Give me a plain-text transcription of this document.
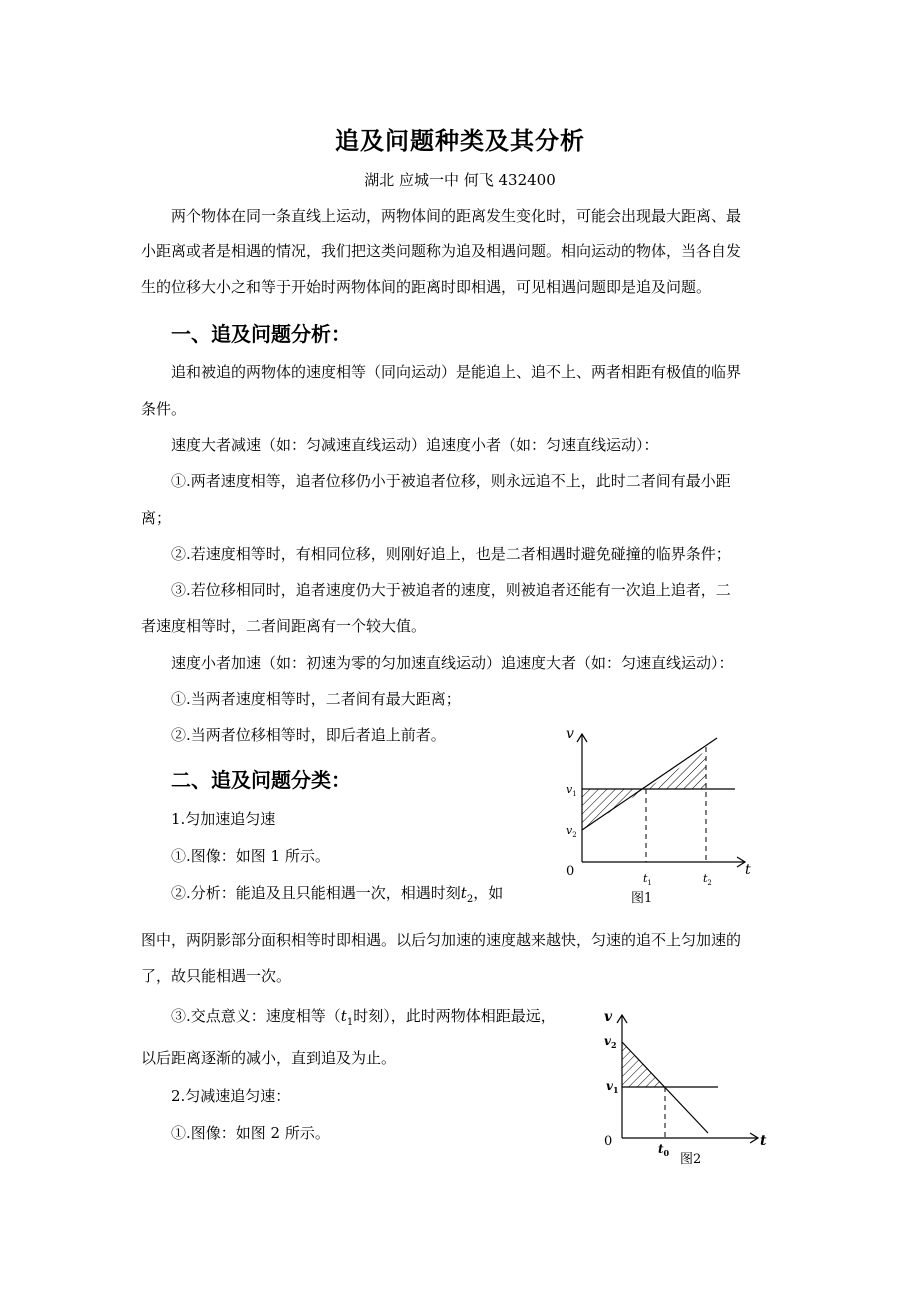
追及问题种类及其分析
湖北 应城一中 何飞 432400
两个物体在同一条直线上运动，两物体间的距离发生变化时，可能会出现最大距离、最
小距离或者是相遇的情况，我们把这类问题称为追及相遇问题。相向运动的物体，当各自发
生的位移大小之和等于开始时两物体间的距离时即相遇，可见相遇问题即是追及问题。
一、追及问题分析：
追和被追的两物体的速度相等（同向运动）是能追上、追不上、两者相距有极值的临界
条件。
速度大者减速（如：匀减速直线运动）追速度小者（如：匀速直线运动）：
①.两者速度相等，追者位移仍小于被追者位移，则永远追不上，此时二者间有最小距
离；
②.若速度相等时，有相同位移，则刚好追上，也是二者相遇时避免碰撞的临界条件；
③.若位移相同时，追者速度仍大于被追者的速度，则被追者还能有一次追上追者，二
者速度相等时，二者间距离有一个较大值。
速度小者加速（如：初速为零的匀加速直线运动）追速度大者（如：匀速直线运动）：
①.当两者速度相等时，二者间有最大距离；
②.当两者位移相等时，即后者追上前者。
二、追及问题分类：
1.匀加速追匀速
①.图像：如图 1 所示。
②.分析：能追及且只能相遇一次，相遇时刻$t_2$，如
图中，两阴影部分面积相等时即相遇。以后匀加速的速度越来越快，匀速的追不上匀加速的
了，故只能相遇一次。
③.交点意义：速度相等（$t_1$时刻），此时两物体相距最远，
以后距离逐渐的减小，直到追及为止。
2.匀减速追匀速：
①.图像：如图 2 所示。
v
t
0
$v_1$
$v_2$
$t_1$	$t_2$
图1
v
t
0
$v_2$
$v_1$
$t_0$ 图2
